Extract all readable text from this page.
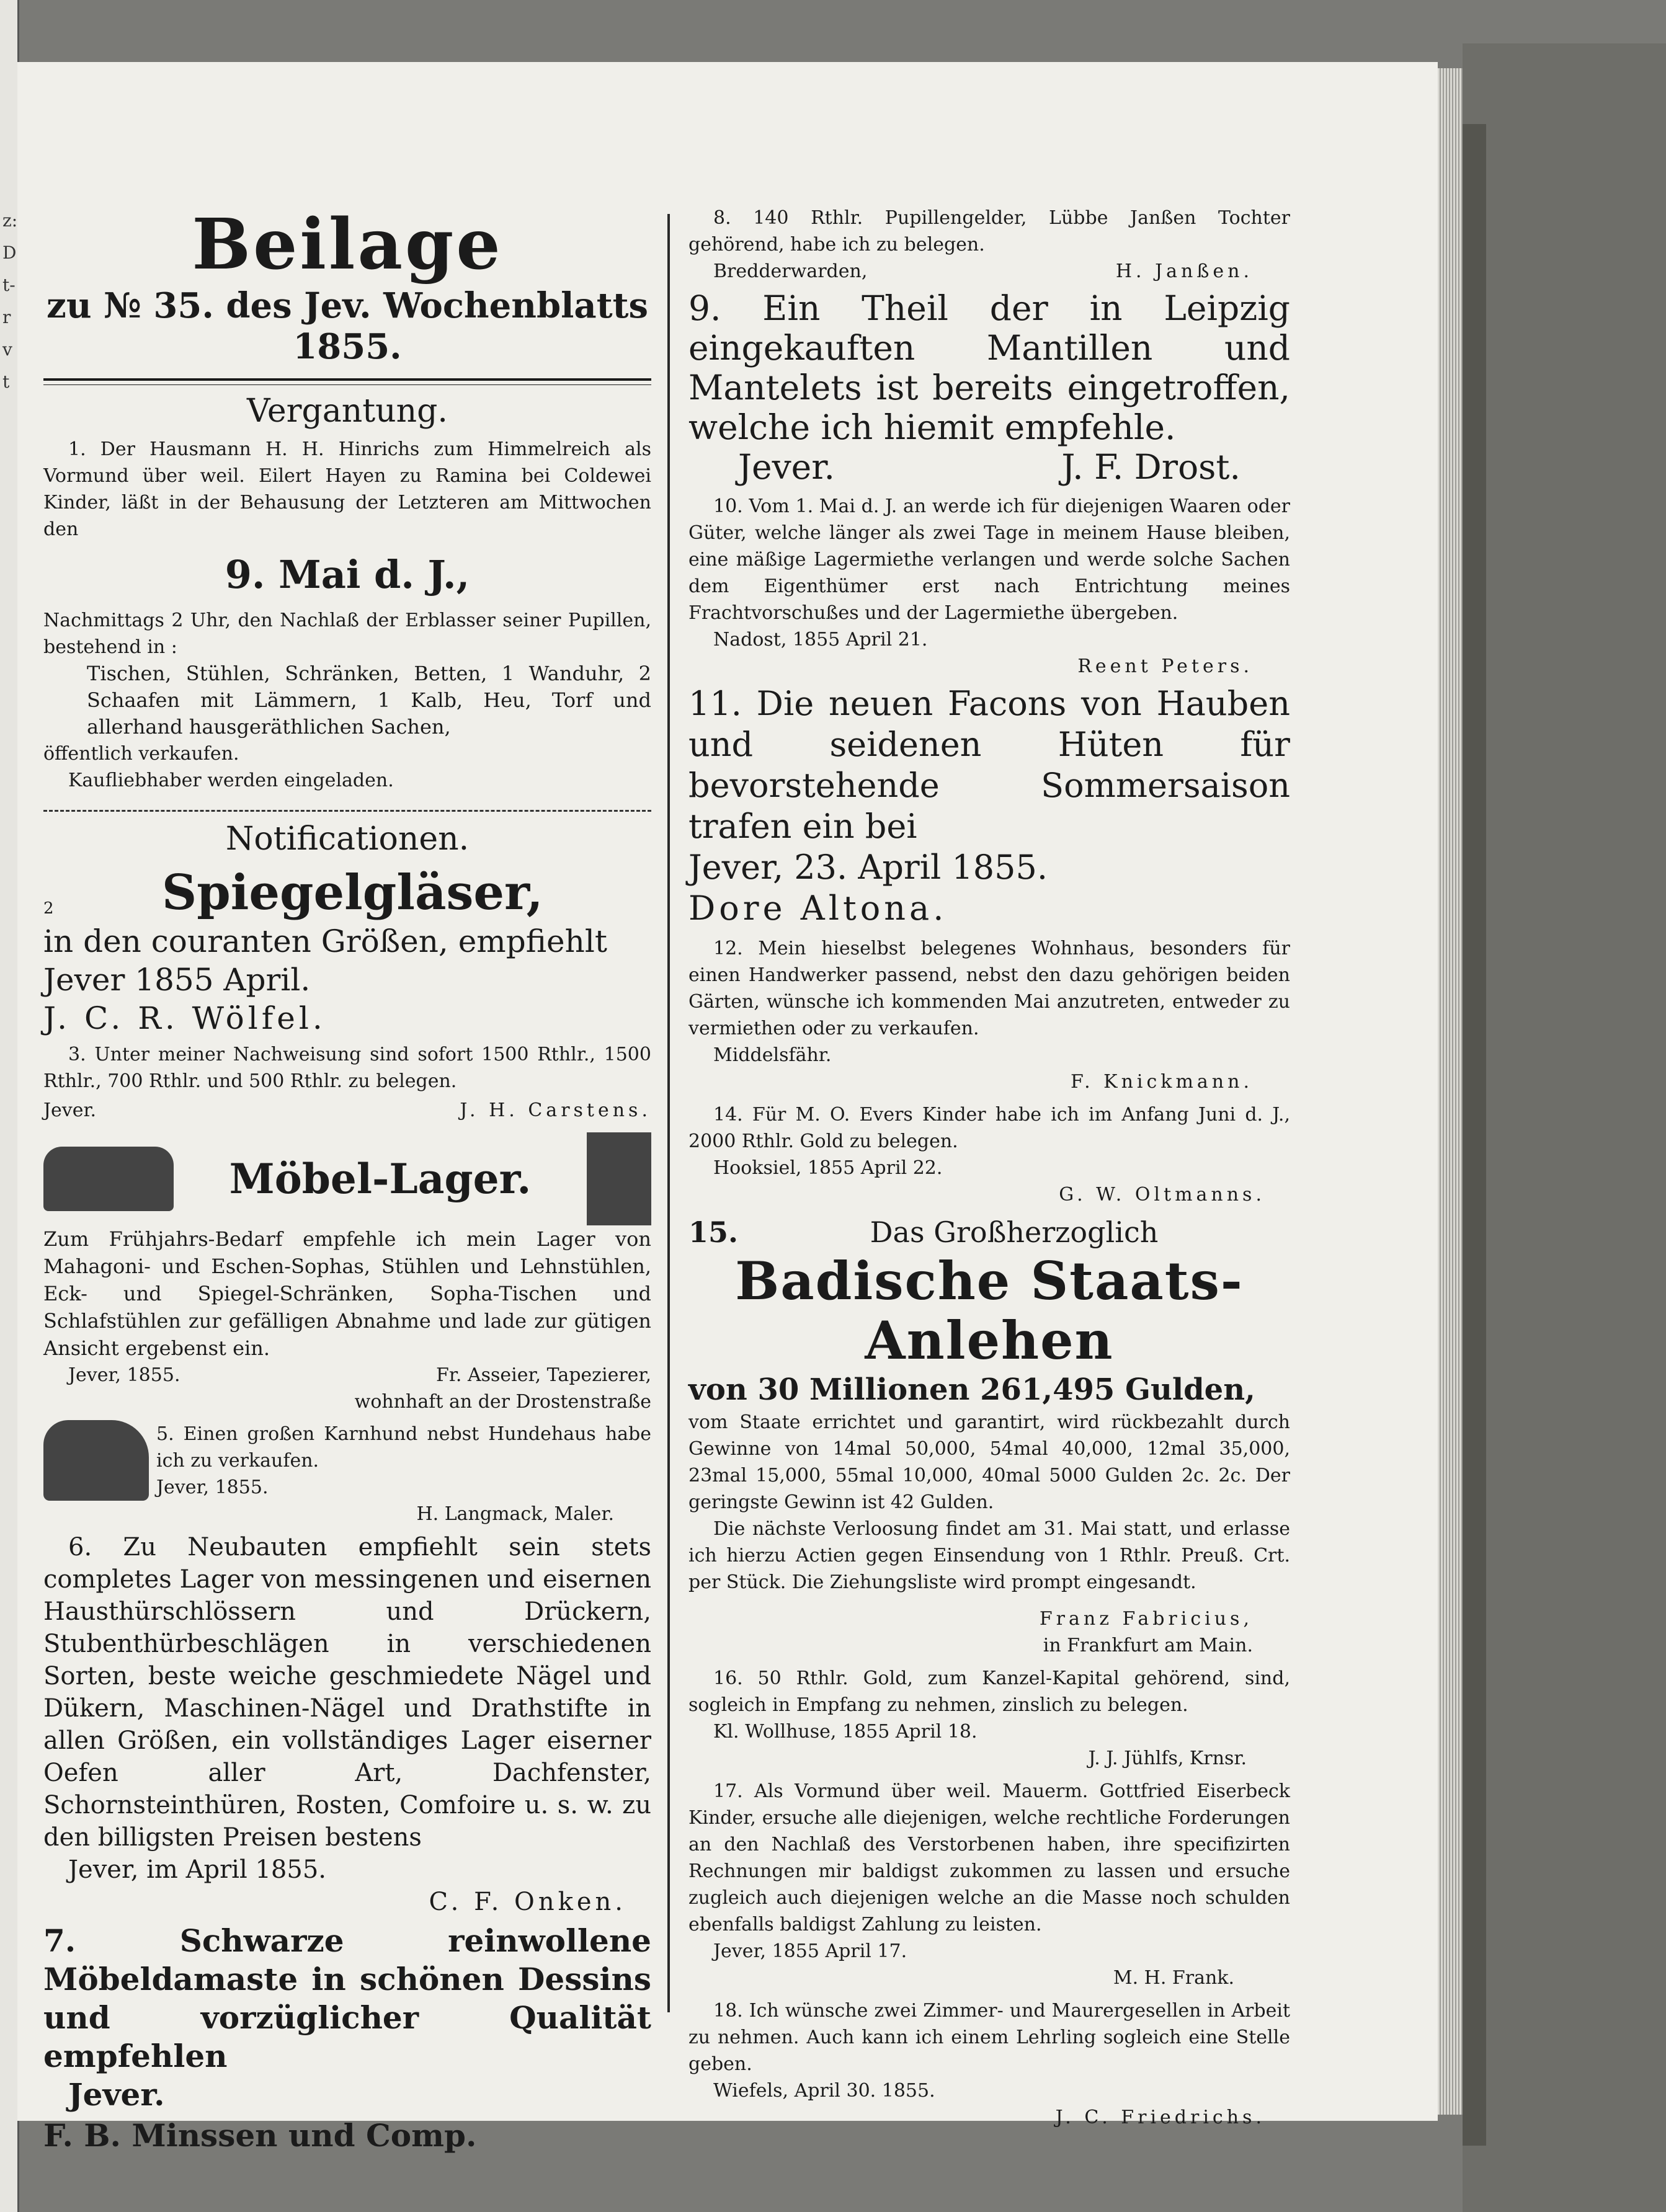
z: D t- r v t

Beilage

zu № 35. des Jev. Wochenblatts 1855.

Vergantung.

1. Der Hausmann H. H. Hinrichs zum Himmelreich als Vormund über weil. Eilert Hayen zu Ramina bei Coldewei Kinder, läßt in der Behausung der Letzteren am Mittwochen den

9. Mai d. J.,

Nachmittags 2 Uhr, den Nachlaß der Erblasser seiner Pupillen, bestehend in :

Tischen, Stühlen, Schränken, Betten, 1 Wanduhr, 2 Schaafen mit Lämmern, 1 Kalb, Heu, Torf und allerhand hausgeräthlichen Sachen,

öffentlich verkaufen.

Kaufliebhaber werden eingeladen.

Notificationen.

2	Spiegelgläser,

in den couranten Größen, empfiehlt

Jever 1855 April.

J. C. R. Wölfel.

3. Unter meiner Nachweisung sind sofort 1500 Rthlr., 1500 Rthlr., 700 Rthlr. und 500 Rthlr. zu belegen.

Jever.	J. H. Carstens.
Möbel-Lager.

Zum Frühjahrs-Bedarf empfehle ich mein Lager von Mahagoni- und Eschen-Sophas, Stühlen und Lehnstühlen, Eck- und Spiegel-Schränken, Sopha-Tischen und Schlafstühlen zur gefälligen Abnahme und lade zur gütigen Ansicht ergebenst ein.

Jever, 1855.	Fr. Asseier, Tapezierer,

wohnhaft an der Drostenstraße

5. Einen großen Karnhund nebst Hundehaus habe ich zu verkaufen.

Jever, 1855.

H. Langmack, Maler.

6. Zu Neubauten empfiehlt sein stets completes Lager von messingenen und eisernen Hausthürschlössern und Drückern, Stubenthürbeschlägen in verschiedenen Sorten, beste weiche geschmiedete Nägel und Dükern, Maschinen-Nägel und Drathstifte in allen Größen, ein vollständiges Lager eiserner Oefen aller Art, Dachfenster, Schornsteinthüren, Rosten, Comfoire u. s. w. zu den billigsten Preisen bestens

Jever, im April 1855.

C. F. Onken.

7. Schwarze reinwollene Möbeldamaste in schönen Dessins und vorzüglicher Qualität empfehlen

Jever.

F. B. Minssen und Comp.

8. 140 Rthlr. Pupillengelder, Lübbe Janßen Tochter gehörend, habe ich zu belegen.

Bredderwarden,	H. Janßen.

9. Ein Theil der in Leipzig eingekauften Mantillen und Mantelets ist bereits eingetroffen, welche ich hiemit empfehle.

Jever.	J. F. Drost.

10. Vom 1. Mai d. J. an werde ich für diejenigen Waaren oder Güter, welche länger als zwei Tage in meinem Hause bleiben, eine mäßige Lagermiethe verlangen und werde solche Sachen dem Eigenthümer erst nach Entrichtung meines Frachtvorschußes und der Lagermiethe übergeben.

Nadost, 1855 April 21.

Reent Peters.

11. Die neuen Facons von Hauben und seidenen Hüten für bevorstehende Sommersaison trafen ein bei

Jever, 23. April 1855.

Dore Altona.

12. Mein hieselbst belegenes Wohnhaus, besonders für einen Handwerker passend, nebst den dazu gehörigen beiden Gärten, wünsche ich kommenden Mai anzutreten, entweder zu vermiethen oder zu verkaufen.

Middelsfähr.

F. Knickmann.

14. Für M. O. Evers Kinder habe ich im Anfang Juni d. J., 2000 Rthlr. Gold zu belegen.

Hooksiel, 1855 April 22.

G. W. Oltmanns.

15.	Das Großherzoglich

Badische Staats-Anlehen

von 30 Millionen 261,495 Gulden,

vom Staate errichtet und garantirt, wird rückbezahlt durch Gewinne von 14mal 50,000, 54mal 40,000, 12mal 35,000, 23mal 15,000, 55mal 10,000, 40mal 5000 Gulden 2c. 2c. Der geringste Gewinn ist 42 Gulden.

Die nächste Verloosung findet am 31. Mai statt, und erlasse ich hierzu Actien gegen Einsendung von 1 Rthlr. Preuß. Crt. per Stück. Die Ziehungsliste wird prompt eingesandt.

Franz Fabricius,

in Frankfurt am Main.

16. 50 Rthlr. Gold, zum Kanzel-Kapital gehörend, sind, sogleich in Empfang zu nehmen, zinslich zu belegen.

Kl. Wollhuse, 1855 April 18.

J. J. Jühlfs, Krnsr.

17. Als Vormund über weil. Mauerm. Gottfried Eiserbeck Kinder, ersuche alle diejenigen, welche rechtliche Forderungen an den Nachlaß des Verstorbenen haben, ihre specifizirten Rechnungen mir baldigst zukommen zu lassen und ersuche zugleich auch diejenigen welche an die Masse noch schulden ebenfalls baldigst Zahlung zu leisten.

Jever, 1855 April 17.

M. H. Frank.

18. Ich wünsche zwei Zimmer- und Maurergesellen in Arbeit zu nehmen. Auch kann ich einem Lehrling sogleich eine Stelle geben.

Wiefels, April 30. 1855.

J. C. Friedrichs.
